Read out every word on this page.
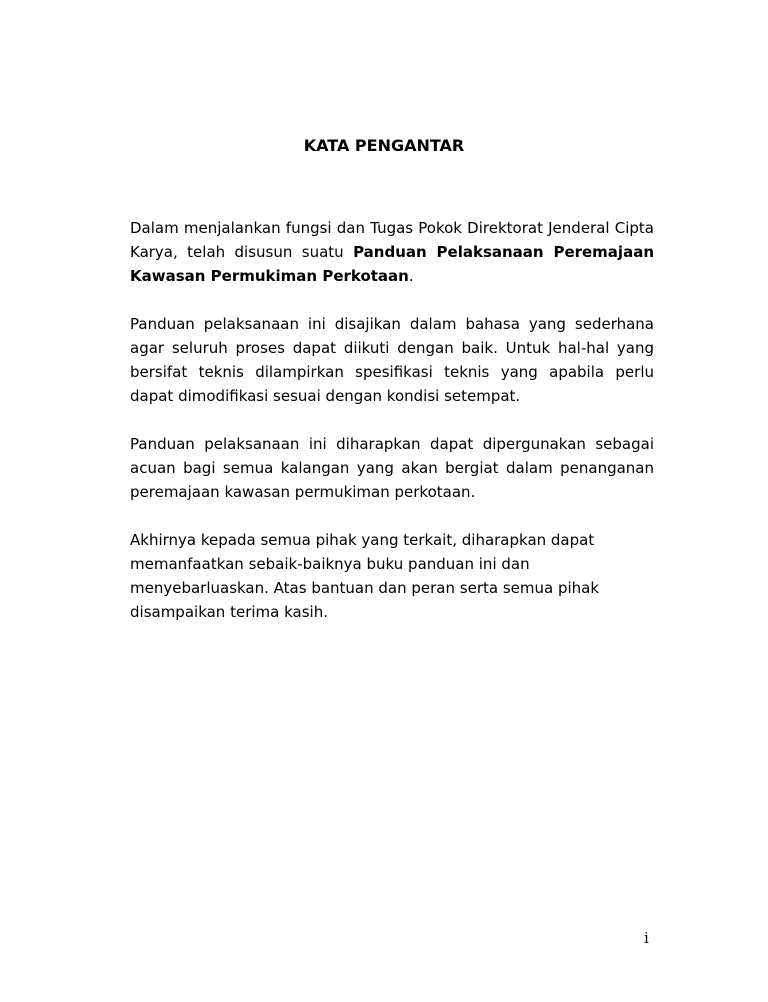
KATA PENGANTAR

Dalam menjalankan fungsi dan Tugas Pokok Direktorat Jenderal Cipta Karya, telah disusun suatu Panduan Pelaksanaan Peremajaan Kawasan Permukiman Perkotaan.

Panduan pelaksanaan ini disajikan dalam bahasa yang sederhana agar seluruh proses dapat diikuti dengan baik. Untuk hal-hal yang bersifat teknis dilampirkan spesifikasi teknis yang apabila perlu dapat dimodifikasi sesuai dengan kondisi setempat.

Panduan pelaksanaan ini diharapkan dapat dipergunakan sebagai acuan bagi semua kalangan yang akan bergiat dalam penanganan peremajaan kawasan permukiman perkotaan.

Akhirnya kepada semua pihak yang terkait, diharapkan dapat memanfaatkan sebaik-baiknya buku panduan ini dan menyebarluaskan. Atas bantuan dan peran serta semua pihak disampaikan terima kasih.

i
